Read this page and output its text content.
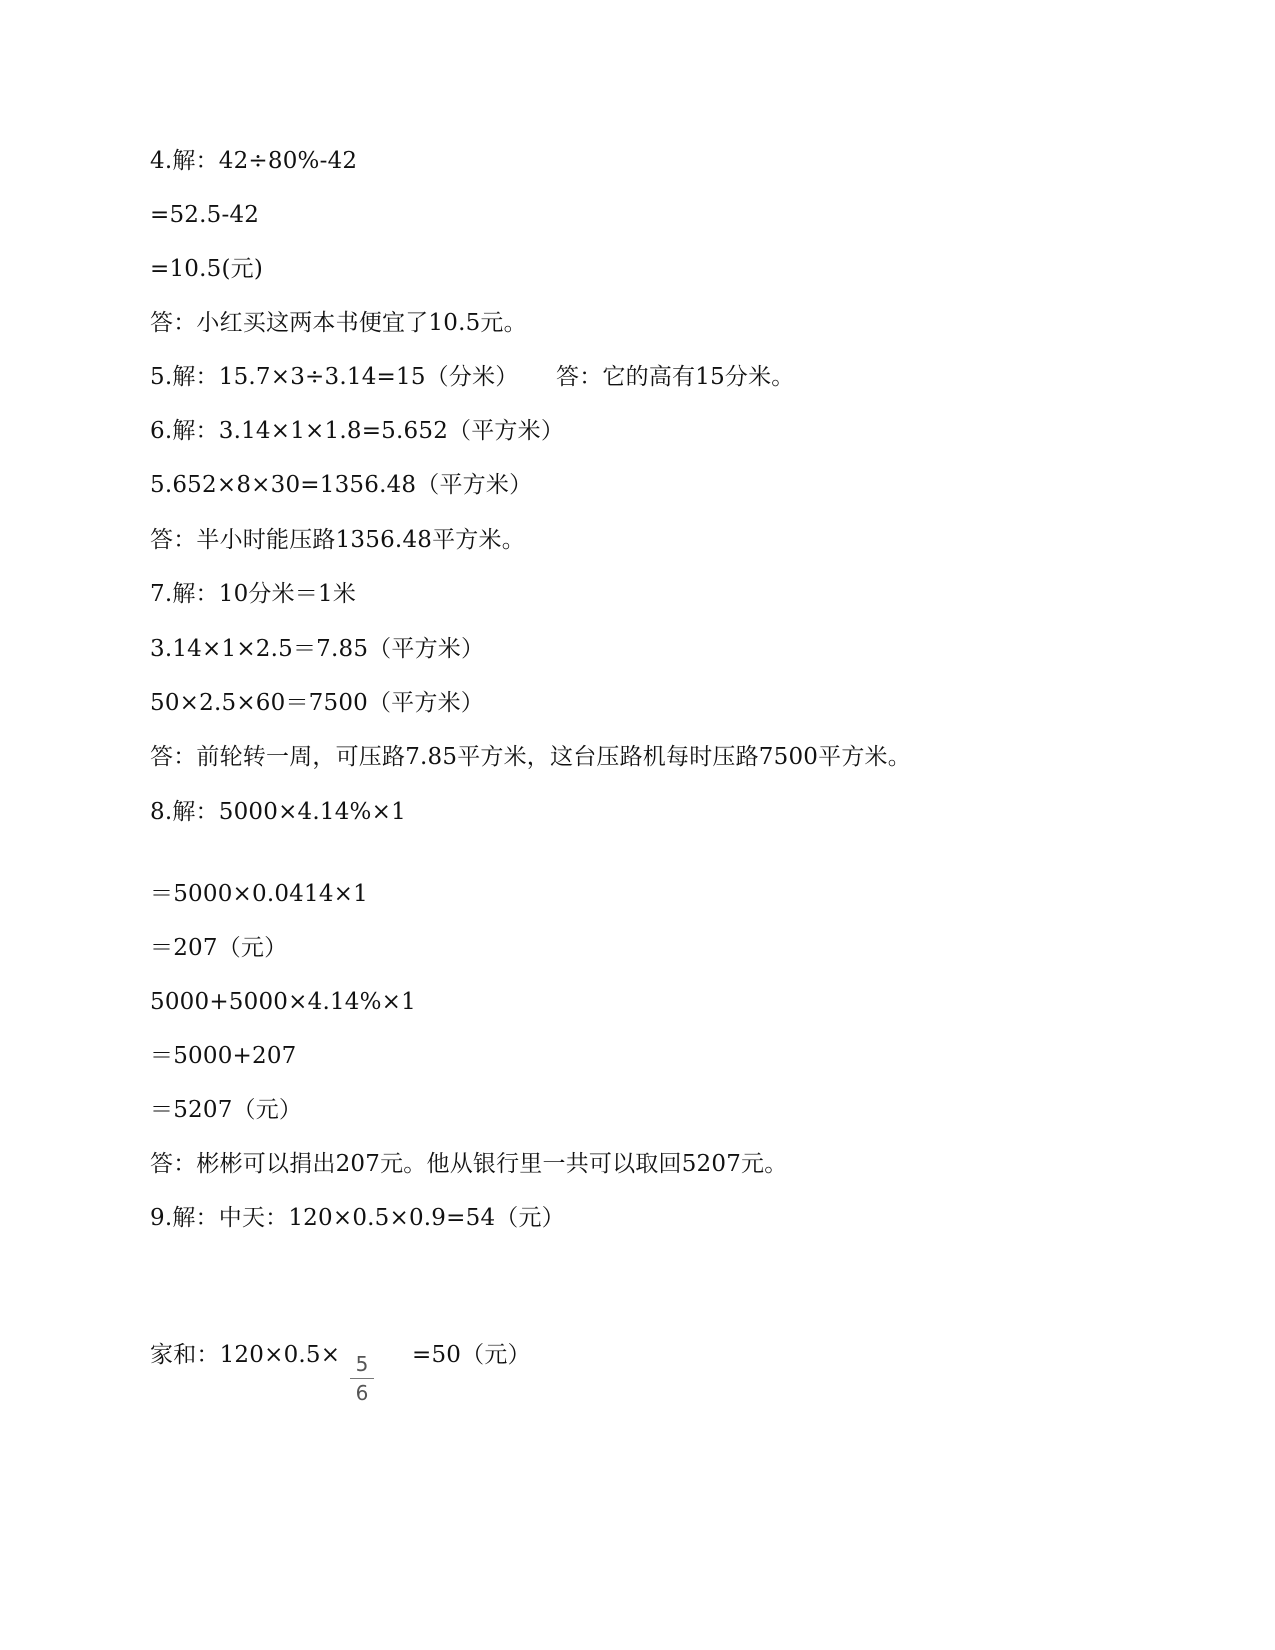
4.解：42÷80%-42
=52.5-42
=10.5(元)
答：小红买这两本书便宜了10.5元。
5.解：15.7×3÷3.14=15（分米）     答：它的高有15分米。
6.解：3.14×1×1.8=5.652（平方米）
5.652×8×30=1356.48（平方米）
答：半小时能压路1356.48平方米。
7.解：10分米＝1米
3.14×1×2.5＝7.85（平方米）
50×2.5×60＝7500（平方米）
答：前轮转一周，可压路7.85平方米，这台压路机每时压路7500平方米。
8.解：5000×4.14%×1
＝5000×0.0414×1
＝207（元）
5000+5000×4.14%×1
＝5000+207
＝5207（元）
答：彬彬可以捐出207元。他从银行里一共可以取回5207元。
9.解：中天：120×0.5×0.9=54（元）
家和：120×0.5× 5
6
=50（元）
